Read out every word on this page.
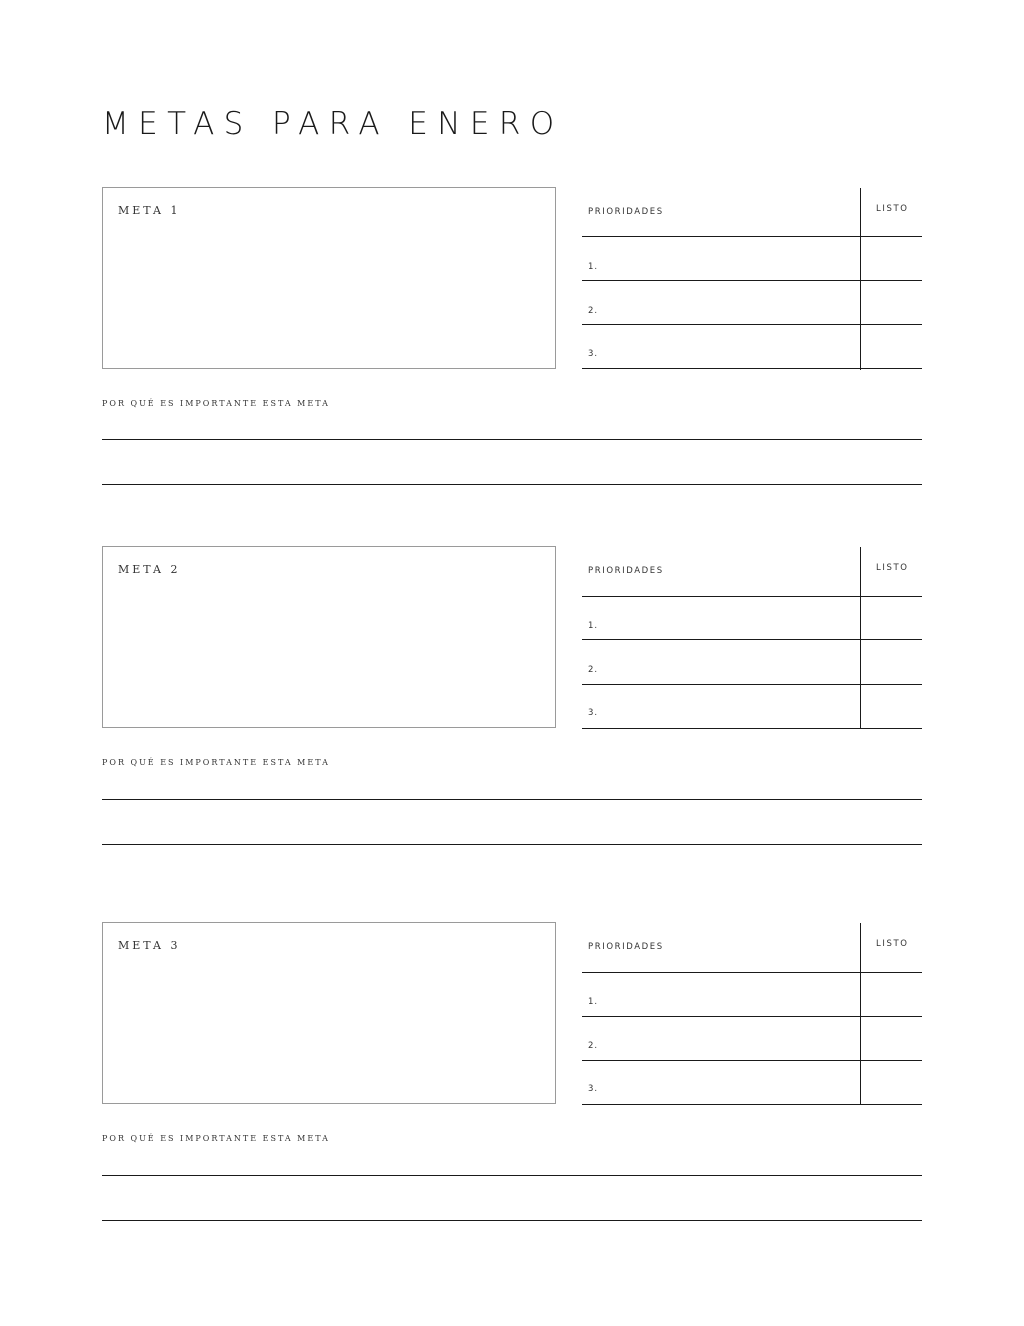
METAS PARA ENERO
META 1	PRIORIDADES	LISTO
1.
2.
3.
POR QUÉ ES IMPORTANTE ESTA META
META 2	PRIORIDADES	LISTO
1.
2.
3.
POR QUÉ ES IMPORTANTE ESTA META
META 3	PRIORIDADES	LISTO
1.
2.
3.
POR QUÉ ES IMPORTANTE ESTA META
